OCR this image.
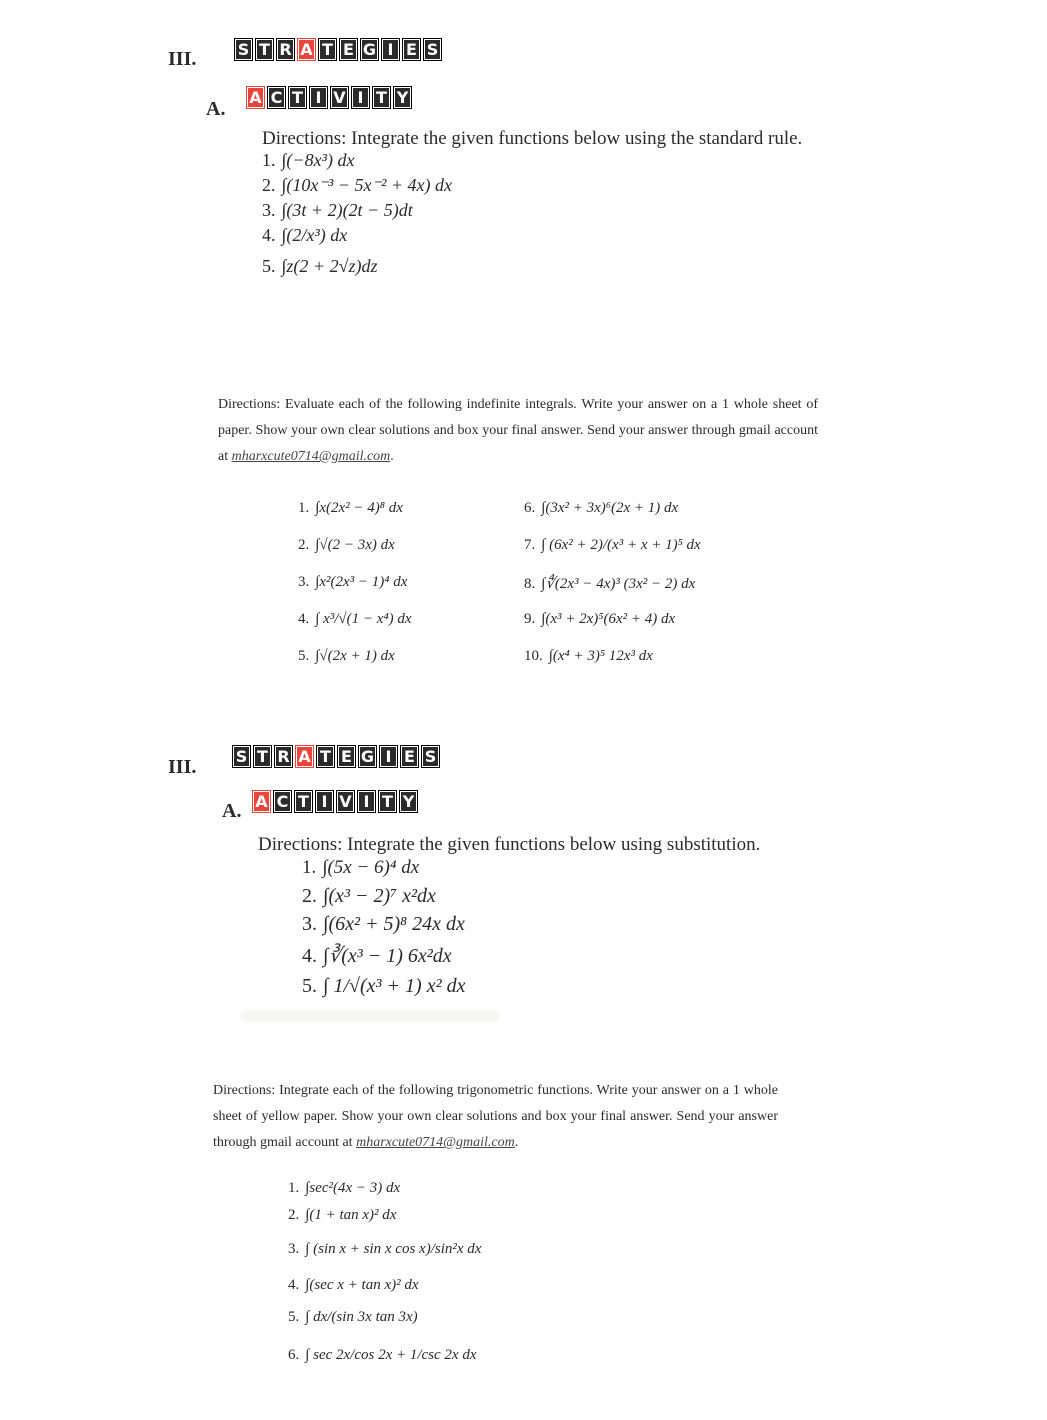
III.	S T R A T E G I E S
A.
A C T I V I T Y
Directions: Integrate the given functions below using the standard rule.
1. ∫(−8x³) dx
2. ∫(10x⁻³ − 5x⁻² + 4x) dx
3. ∫(3t + 2)(2t − 5)dt
4. ∫(2/x³) dx
5. ∫z(2 + 2√z)dz
Directions: Evaluate each of the following indefinite integrals. Write your answer on a 1 whole sheet of paper. Show your own clear solutions and box your final answer. Send your answer through gmail account at mharxcute0714@gmail.com.
1. ∫x(2x² − 4)⁸ dx
2. ∫√(2 − 3x) dx
3. ∫x²(2x³ − 1)⁴ dx
4. ∫ x³/√(1 − x⁴) dx
5. ∫√(2x + 1) dx
6. ∫(3x² + 3x)⁶(2x + 1) dx
7. ∫ (6x² + 2)/(x³ + x + 1)⁵ dx
8. ∫∜(2x³ − 4x)³ (3x² − 2) dx
9. ∫(x³ + 2x)⁵(6x² + 4) dx
10. ∫(x⁴ + 3)⁵ 12x³ dx
III. S T R A T E G I E S
A. A C T I V I T Y
Directions: Integrate the given functions below using substitution.
1. ∫(5x − 6)⁴ dx
2. ∫(x³ − 2)⁷ x²dx
3. ∫(6x² + 5)⁸ 24x dx
4. ∫∛(x³ − 1) 6x²dx
5. ∫ 1/√(x³ + 1) x² dx
Directions: Integrate each of the following trigonometric functions. Write your answer on a 1 whole sheet of yellow paper. Show your own clear solutions and box your final answer. Send your answer through gmail account at mharxcute0714@gmail.com.
1. ∫sec²(4x − 3) dx
2. ∫(1 + tan x)² dx
3. ∫ (sin x + sin x cos x)/sin²x dx
4. ∫(sec x + tan x)² dx
5. ∫ dx/(sin 3x tan 3x)
6. ∫ sec 2x/cos 2x + 1/csc 2x dx
